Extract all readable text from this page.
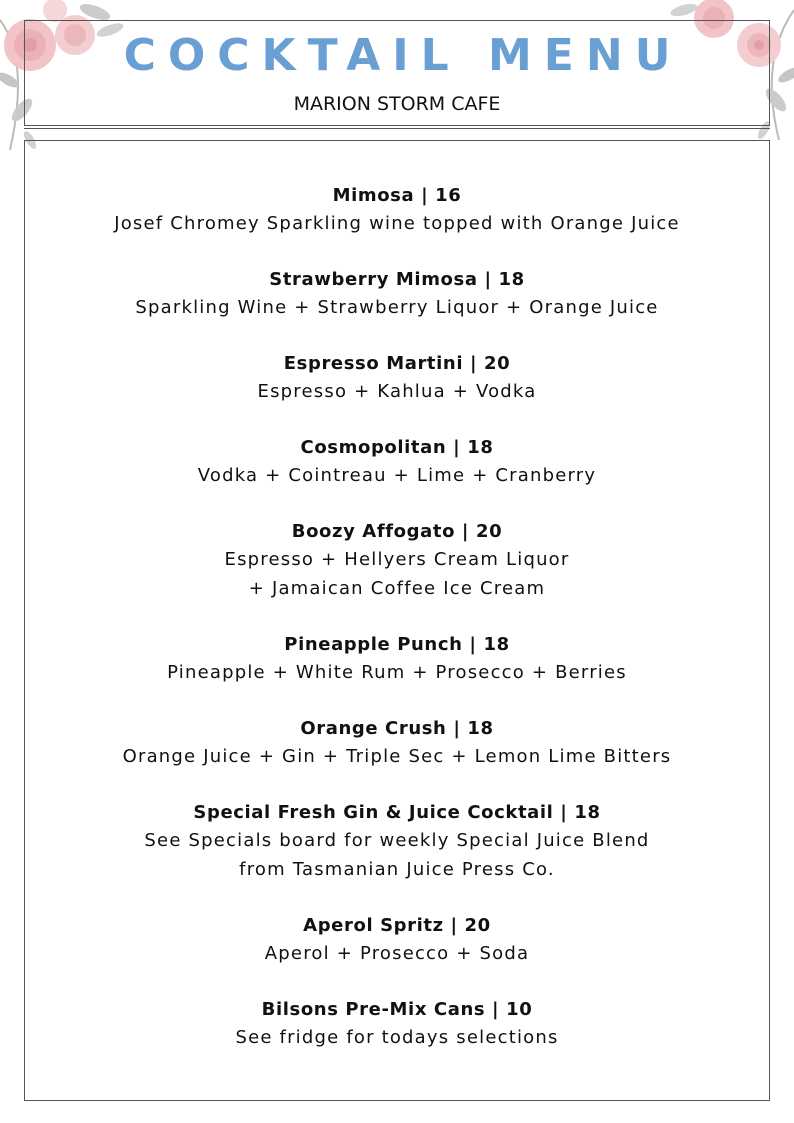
COCKTAIL MENU
MARION STORM CAFE
Mimosa | 16
Josef Chromey Sparkling wine topped with Orange Juice
Strawberry Mimosa | 18
Sparkling Wine + Strawberry Liquor + Orange Juice
Espresso Martini | 20
Espresso + Kahlua + Vodka
Cosmopolitan | 18
Vodka + Cointreau + Lime + Cranberry
Boozy Affogato | 20
Espresso + Hellyers Cream Liquor
+ Jamaican Coffee Ice Cream
Pineapple Punch | 18
Pineapple + White Rum + Prosecco + Berries
Orange Crush | 18
Orange Juice + Gin + Triple Sec + Lemon Lime Bitters
Special Fresh Gin & Juice Cocktail | 18
See Specials board for weekly Special Juice Blend
from Tasmanian Juice Press Co.
Aperol Spritz | 20
Aperol + Prosecco + Soda
Bilsons Pre-Mix Cans | 10
See fridge for todays selections
